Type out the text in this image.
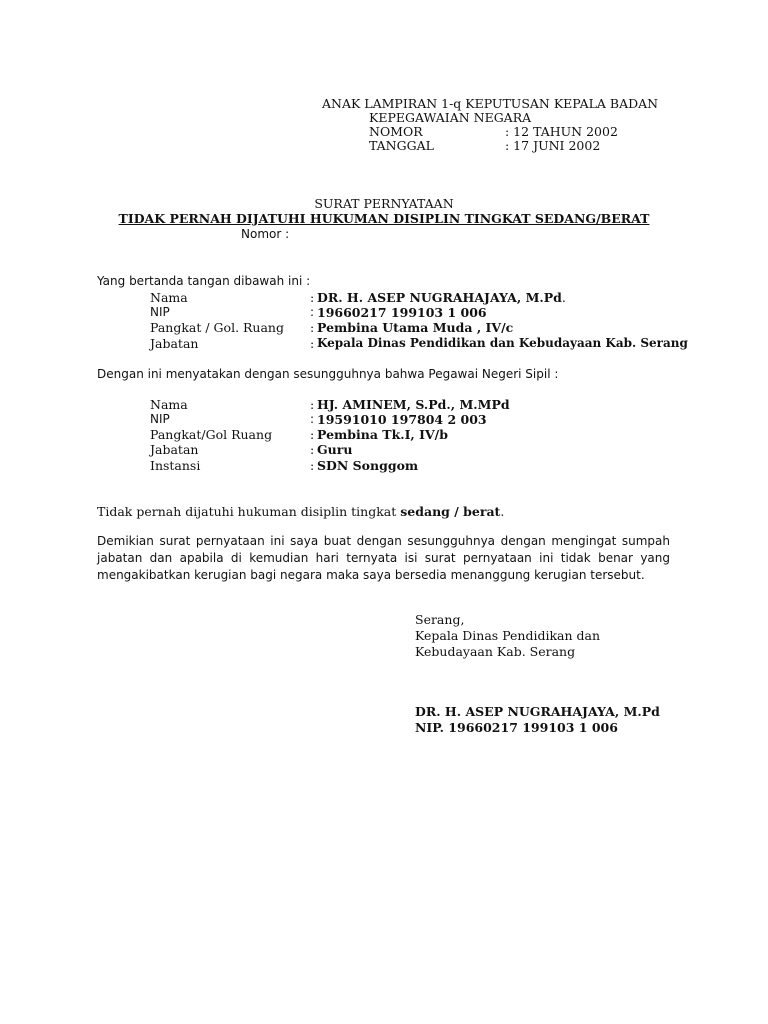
ANAK LAMPIRAN 1-q KEPUTUSAN KEPALA BADAN
KEPEGAWAIAN NEGARA
NOMOR	: 12 TAHUN 2002
TANGGAL	: 17 JUNI 2002
SURAT PERNYATAAN
TIDAK PERNAH DIJATUHI HUKUMAN DISIPLIN TINGKAT SEDANG/BERAT
Nomor :
Yang bertanda tangan dibawah ini :
Nama	: DR. H. ASEP NUGRAHAJAYA, M.Pd.
NIP	: 19660217 199103 1 006
Pangkat / Gol. Ruang : Pembina Utama Muda , IV/c
Jabatan	: Kepala Dinas Pendidikan dan Kebudayaan Kab. Serang
Dengan ini menyatakan dengan sesungguhnya bahwa Pegawai Negeri Sipil :
Nama	: HJ. AMINEM, S.Pd., M.MPd
NIP	: 19591010 197804 2 003
Pangkat/Gol Ruang	: Pembina Tk.I, IV/b
Jabatan	: Guru
Instansi	: SDN Songgom
Tidak pernah dijatuhi hukuman disiplin tingkat sedang / berat.
Demikian surat pernyataan ini saya buat dengan sesungguhnya dengan mengingat sumpah jabatan dan apabila di kemudian hari ternyata isi surat pernyataan ini tidak benar yang mengakibatkan kerugian bagi negara maka saya bersedia menanggung kerugian tersebut.
Serang,
Kepala Dinas Pendidikan dan
Kebudayaan Kab. Serang
DR. H. ASEP NUGRAHAJAYA, M.Pd
NIP. 19660217 199103 1 006
